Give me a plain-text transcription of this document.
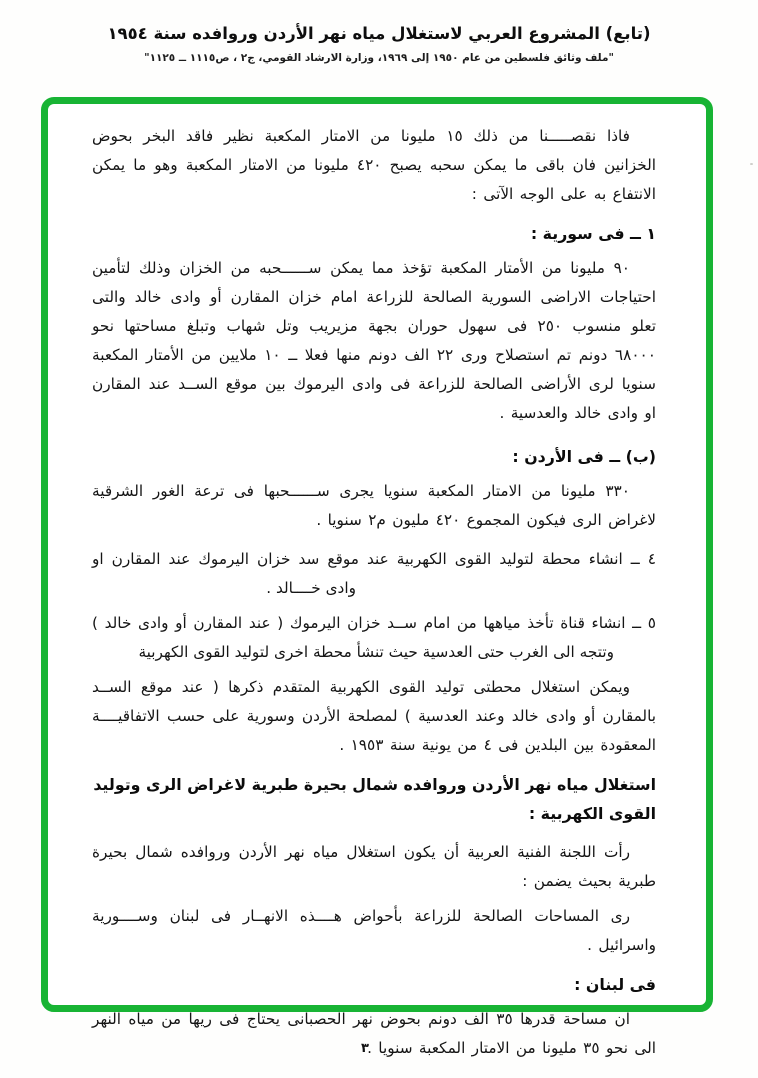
(تابع) المشروع العربي لاستغلال مياه نهر الأردن وروافده سنة ١٩٥٤
"ملف وثائق فلسطين من عام ١٩٥٠ إلى ١٩٦٩، وزارة الارشاد القومي، ج٢ ، ص١١١٥ ــ ١١٢٥"

فاذا نقصـــــنا من ذلك ١٥ مليونا من الامتار المكعبة نظير فاقد البخر بحوض الخزانين فان باقى ما يمكن سحبه يصبح ٤٢٠ مليونا من الامتار المكعبة وهو ما يمكن الانتفاع به على الوجه الآتى :

١ ــ فى سورية :

٩٠ مليونا من الأمتار المكعبة تؤخذ مما يمكن ســــــحبه من الخزان وذلك لتأمين احتياجات الاراضى السورية الصالحة للزراعة امام خزان المقارن أو وادى خالد والتى تعلو منسوب ٢٥٠ فى سهول حوران بجهة مزيريب وتل شهاب وتبلغ مساحتها نحو ٦٨٠٠٠ دونم تم استصلاح ورى ٢٢ الف دونم منها فعلا ــ ١٠ ملايين من الأمتار المكعبة سنويا لرى الأراضى الصالحة للزراعة فى وادى اليرموك بين موقع الســد عند المقارن او وادى خالد والعدسية .

(ب) ــ فى الأردن :

٣٣٠ مليونا من الامتار المكعبة سنويا يجرى ســــــحبها فى ترعة الغور الشرقية لاغراض الرى فيكون المجموع ٤٢٠ مليون م٢ سنويا .

٤ ــ انشاء محطة لتوليد القوى الكهربية عند موقع سد خزان اليرموك عند المقارن او
وادى خــــالد .
٥ ــ انشاء قناة تأخذ مياهها من امام ســد خزان اليرموك ( عند المقارن أو وادى خالد )
وتتجه الى الغرب حتى العدسية حيث تنشأ محطة اخرى لتوليد القوى الكهربية

ويمكن استغلال محطتى توليد القوى الكهربية المتقدم ذكرها ( عند موقع الســد بالمقارن أو وادى خالد وعند العدسية ) لمصلحة الأردن وسورية على حسب الاتفاقيــــة المعقودة بين البلدين فى ٤ من يونية سنة ١٩٥٣ .

استغلال مياه نهر الأردن وروافده شمال بحيرة طبرية لاغراض الرى وتوليد القوى الكهربية :

رأت اللجنة الفنية العربية أن يكون استغلال مياه نهر الأردن وروافده شمال بحيرة طبرية بحيث يضمن :

رى المساحات الصالحة للزراعة بأحواض هــــذه الانهــار فى لبنان وســــورية واسرائيل .

فى لبنان :

ان مساحة قدرها ٣٥ الف دونم بحوض نهر الحصبانى يحتاج فى ريها من مياه النهر الى نحو ٣٥ مليونا من الامتار المكعبة سنويا .

٣
